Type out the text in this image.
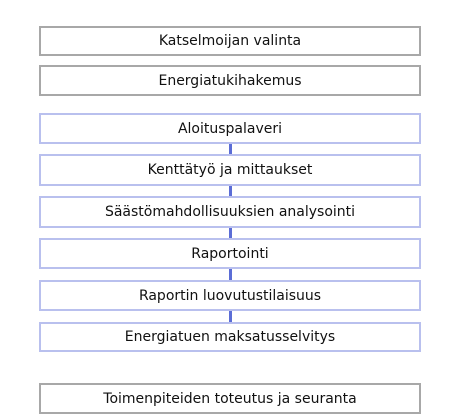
Katselmoijan valinta
Energiatukihakemus
Aloituspalaveri
Kenttätyö ja mittaukset
Säästömahdollisuuksien analysointi
Raportointi
Raportin luovutustilaisuus
Energiatuen maksatusselvitys
Toimenpiteiden toteutus ja seuranta
